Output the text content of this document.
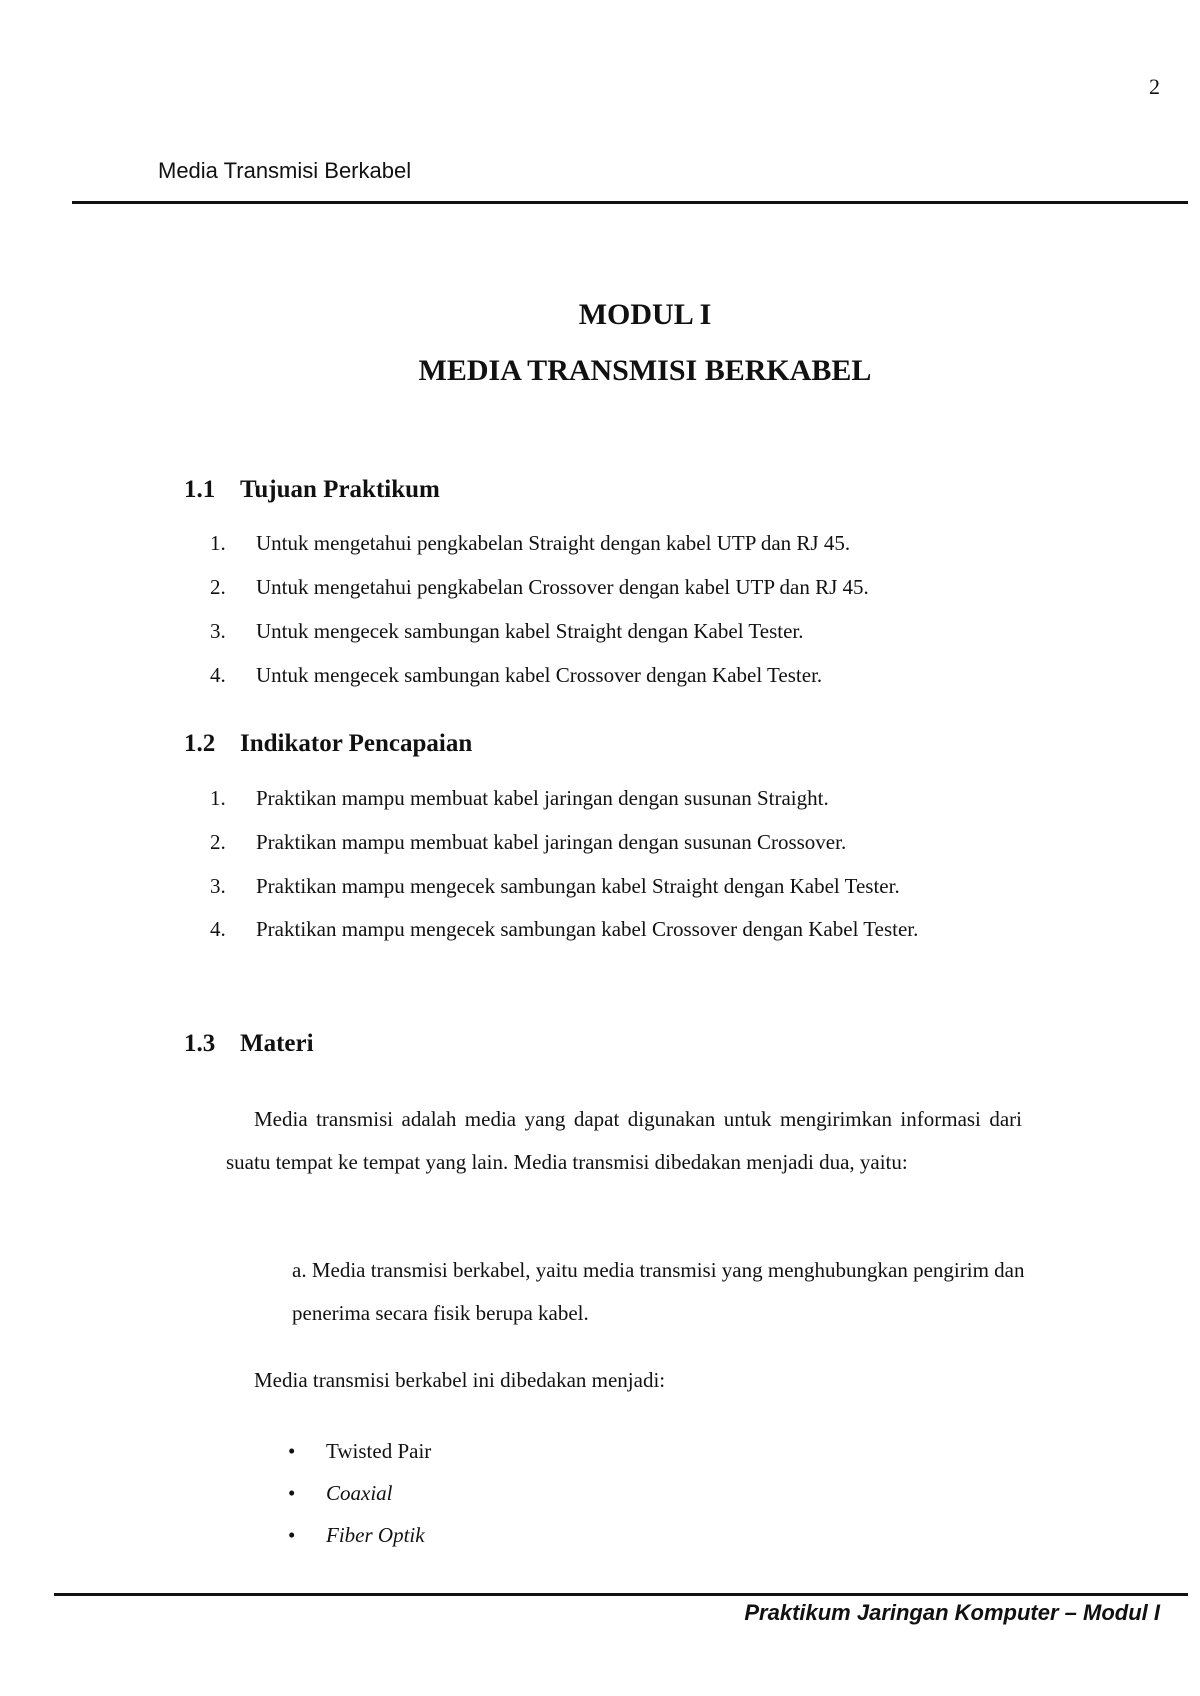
2
Media Transmisi Berkabel
MODUL I
MEDIA TRANSMISI BERKABEL
1.1 Tujuan Praktikum
1. Untuk mengetahui pengkabelan Straight dengan kabel UTP dan RJ 45.
2. Untuk mengetahui pengkabelan Crossover dengan kabel UTP dan RJ 45.
3. Untuk mengecek sambungan kabel Straight dengan Kabel Tester.
4. Untuk mengecek sambungan kabel Crossover dengan Kabel Tester.
1.2 Indikator Pencapaian
1. Praktikan mampu membuat kabel jaringan dengan susunan Straight.
2. Praktikan mampu membuat kabel jaringan dengan susunan Crossover.
3. Praktikan mampu mengecek sambungan kabel Straight dengan Kabel Tester.
4. Praktikan mampu mengecek sambungan kabel Crossover dengan Kabel Tester.
1.3 Materi

Media transmisi adalah media yang dapat digunakan untuk mengirimkan informasi dari suatu tempat ke tempat yang lain. Media transmisi dibedakan menjadi dua, yaitu:

a. Media transmisi berkabel, yaitu media transmisi yang menghubungkan pengirim dan penerima secara fisik berupa kabel.

Media transmisi berkabel ini dibedakan menjadi:

• Twisted Pair
• Coaxial
• Fiber Optik
Praktikum Jaringan Komputer – Modul I
